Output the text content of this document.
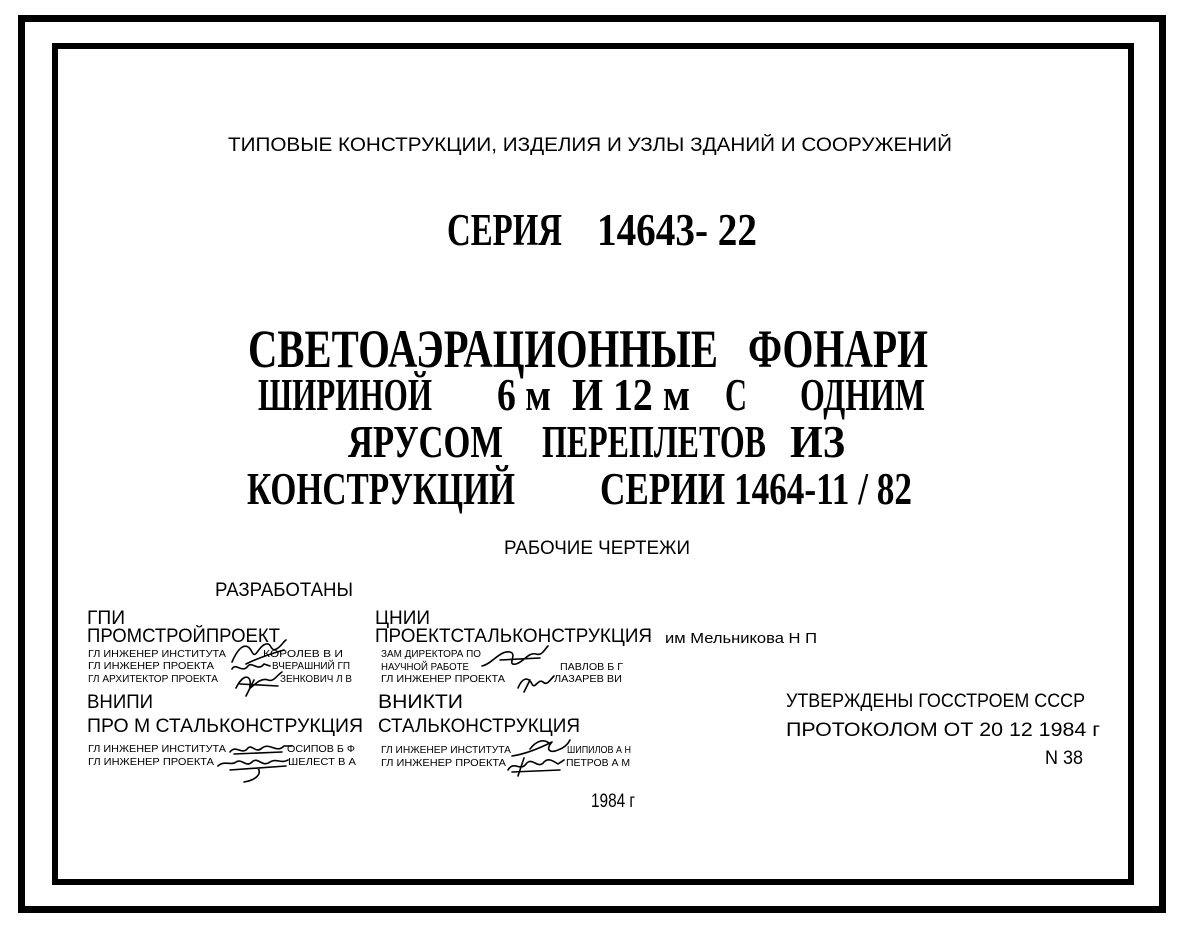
ТИПОВЫЕ КОНСТРУКЦИИ, ИЗДЕЛИЯ И УЗЛЫ ЗДАНИЙ И СООРУЖЕНИЙ
СЕРИЯ 14643- 22
СВЕТОАЭРАЦИОННЫЕ ФОНАРИ
ШИРИНОЙ 6 м И 12 м С ОДНИМ
ЯРУСОМ ПЕРЕПЛЕТОВ ИЗ
КОНСТРУКЦИЙ СЕРИИ 1464-11 / 82
РАБОЧИЕ ЧЕРТЕЖИ
РАЗРАБОТАНЫ
ГПИ
ПРОМСТРОЙПРОЕКТ
ГЛ ИНЖЕНЕР ИНСТИТУТА	КОРОЛЕВ В И
ГЛ ИНЖЕНЕР ПРОЕКТА	ВЧЕРАШНИЙ ГП
ГЛ АРХИТЕКТОР ПРОЕКТА	ЗЕНКОВИЧ Л В
ЦНИИ
ПРОЕКТСТАЛЬКОНСТРУКЦИЯ им Мельникова Н П
ЗАМ ДИРЕКТОРА ПО
НАУЧНОЙ РАБОТЕ	ПАВЛОВ Б Г
ГЛ ИНЖЕНЕР ПРОЕКТА	ЛАЗАРЕВ ВИ
ВНИПИ
ПРО М СТАЛЬКОНСТРУКЦИЯ
ГЛ ИНЖЕНЕР ИНСТИТУТА	ОСИПОВ Б Ф
ГЛ ИНЖЕНЕР ПРОЕКТА	ШЕЛЕСТ В А
ВНИКТИ
СТАЛЬКОНСТРУКЦИЯ
ГЛ ИНЖЕНЕР ИНСТИТУТА	ШИПИЛОВ А Н
ГЛ ИНЖЕНЕР ПРОЕКТА	ПЕТРОВ А М
УТВЕРЖДЕНЫ ГОССТРОЕМ СССР
ПРОТОКОЛОМ ОТ 20 12 1984 г
N 38
1984 г
